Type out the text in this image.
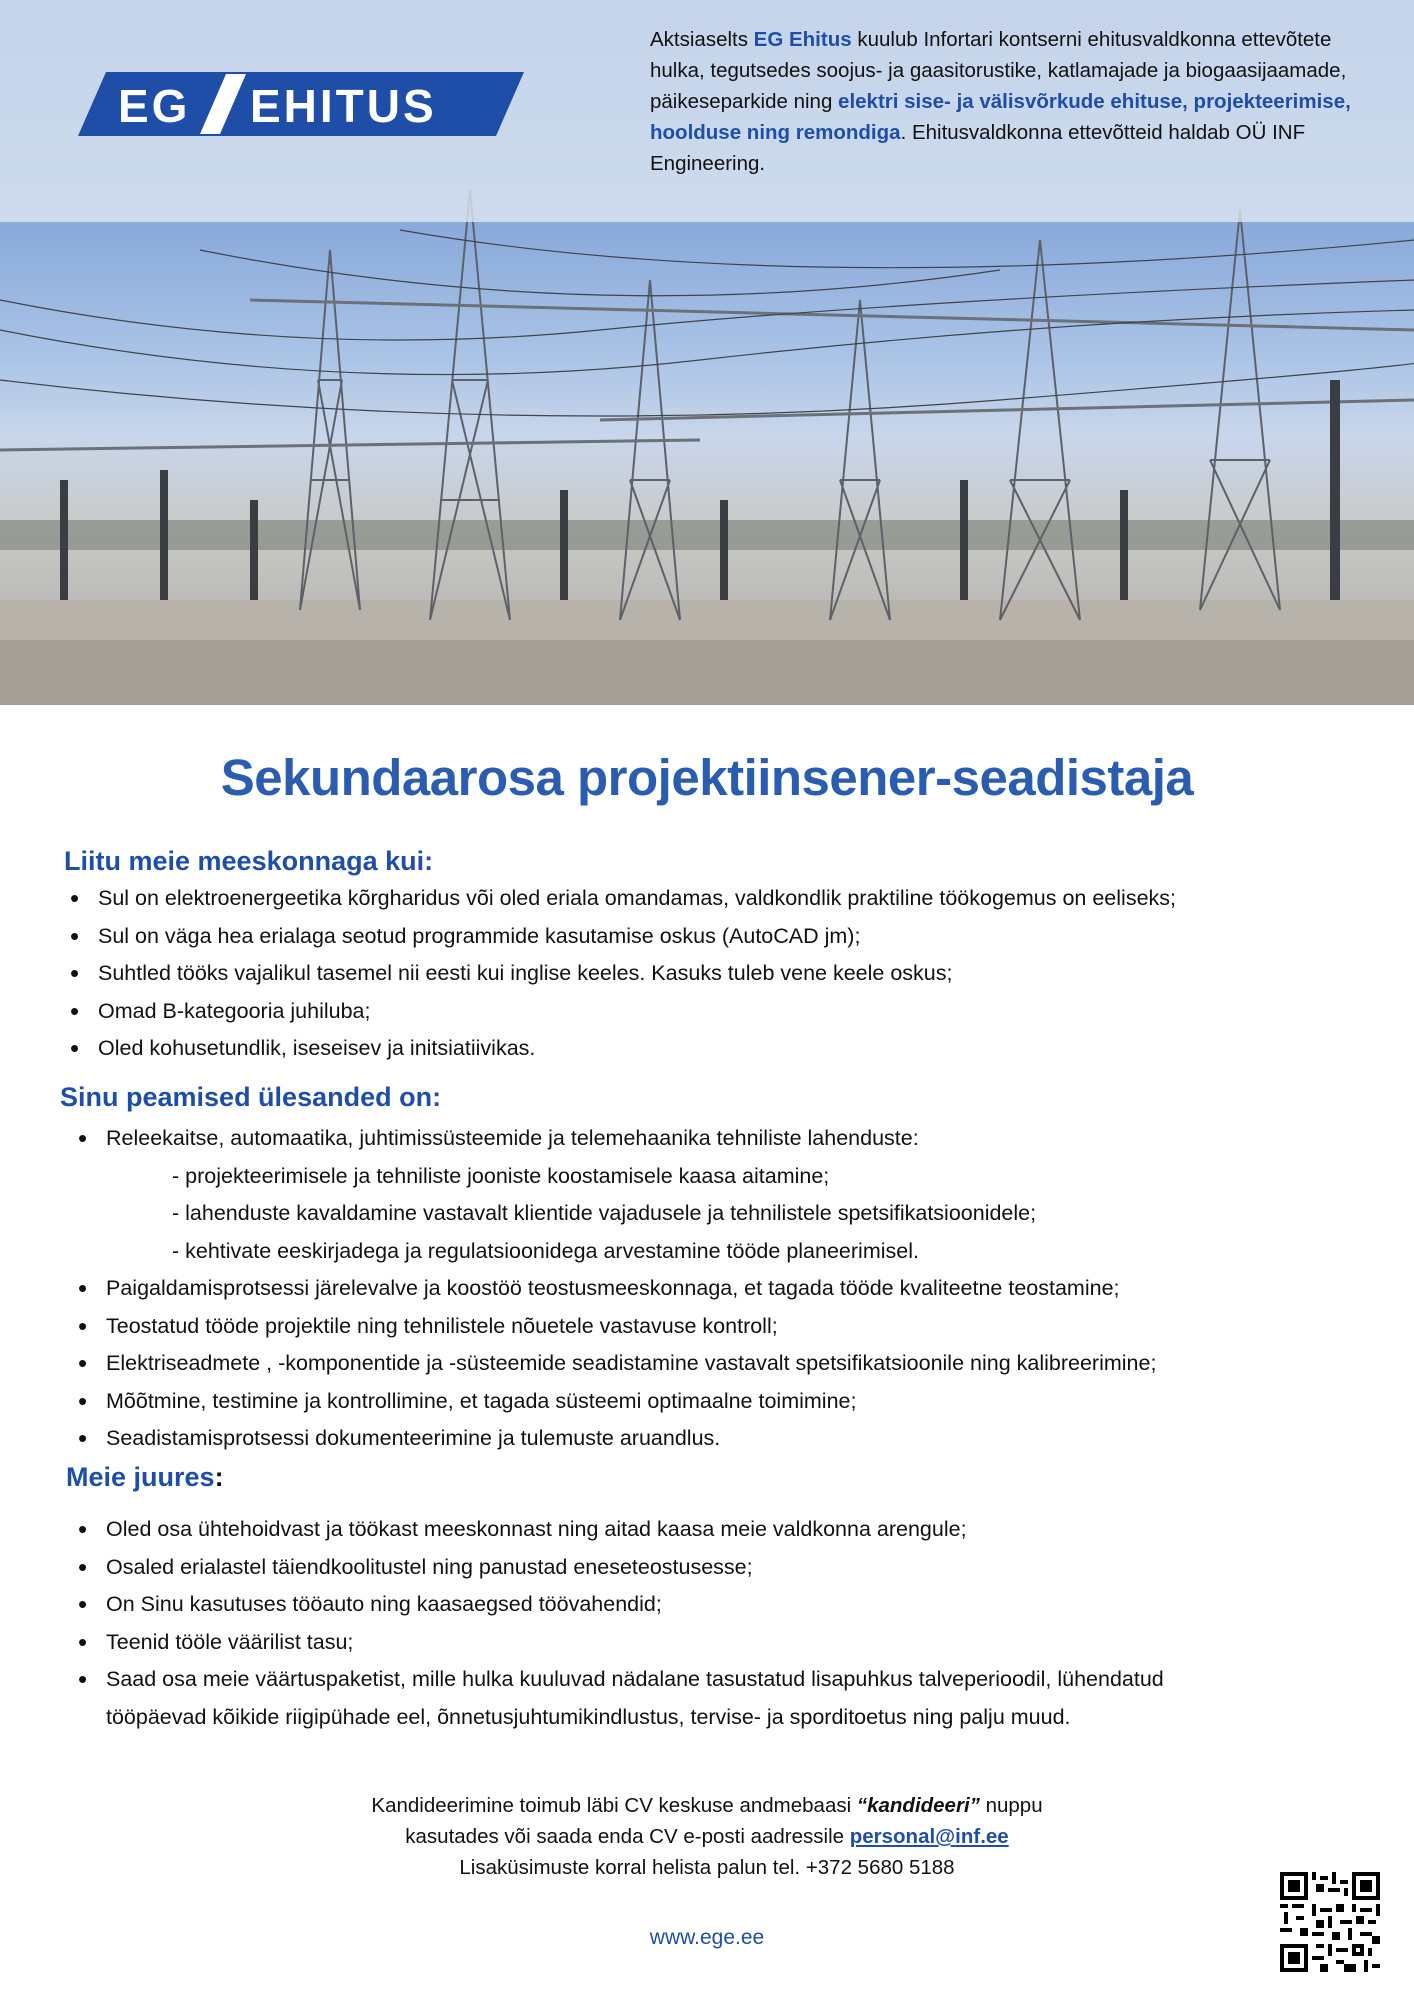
EG EHITUS
Aktsiaselts EG Ehitus kuulub Infortari kontserni ehitusvaldkonna ettevõtete hulka, tegutsedes soojus- ja gaasitorustike, katlamajade ja biogaasijaamade, päikeseparkide ning elektri sise- ja välisvõrkude ehituse, projekteerimise, hoolduse ning remondiga. Ehitusvaldkonna ettevõtteid haldab OÜ INF Engineering.
Sekundaarosa projektiinsener-seadistaja
Liitu meie meeskonnaga kui:
• Sul on elektroenergeetika kõrgharidus või oled eriala omandamas, valdkondlik praktiline töökogemus on eeliseks;
• Sul on väga hea erialaga seotud programmide kasutamise oskus (AutoCAD jm);
• Suhtled tööks vajalikul tasemel nii eesti kui inglise keeles. Kasuks tuleb vene keele oskus;
• Omad B-kategooria juhiluba;
• Oled kohusetundlik, iseseisev ja initsiatiivikas.
Sinu peamised ülesanded on:
• Releekaitse, automaatika, juhtimissüsteemide ja telemehaanika tehniliste lahenduste:
- projekteerimisele ja tehniliste jooniste koostamisele kaasa aitamine;
- lahenduste kavaldamine vastavalt klientide vajadusele ja tehnilistele spetsifikatsioonidele;
- kehtivate eeskirjadega ja regulatsioonidega arvestamine tööde planeerimisel.
• Paigaldamisprotsessi järelevalve ja koostöö teostusmeeskonnaga, et tagada tööde kvaliteetne teostamine;
• Teostatud tööde projektile ning tehnilistele nõuetele vastavuse kontroll;
• Elektriseadmete , -komponentide ja -süsteemide seadistamine vastavalt spetsifikatsioonile ning kalibreerimine;
• Mõõtmine, testimine ja kontrollimine, et tagada süsteemi optimaalne toimimine;
• Seadistamisprotsessi dokumenteerimine ja tulemuste aruandlus.
Meie juures:
• Oled osa ühtehoidvast ja töökast meeskonnast ning aitad kaasa meie valdkonna arengule;
• Osaled erialastel täiendkoolitustel ning panustad eneseteostusesse;
• On Sinu kasutuses tööauto ning kaasaegsed töövahendid;
• Teenid tööle väärilist tasu;
• Saad osa meie väärtuspaketist, mille hulka kuuluvad nädalane tasustatud lisapuhkus talveperioodil, lühendatud
tööpäevad kõikide riigipühade eel, õnnetusjuhtumikindlustus, tervise- ja sporditoetus ning palju muud.
Kandideerimine toimub läbi CV keskuse andmebaasi “kandideeri” nuppu
kasutades või saada enda CV e-posti aadressile personal@inf.ee
Lisaküsimuste korral helista palun tel. +372 5680 5188
www.ege.ee
